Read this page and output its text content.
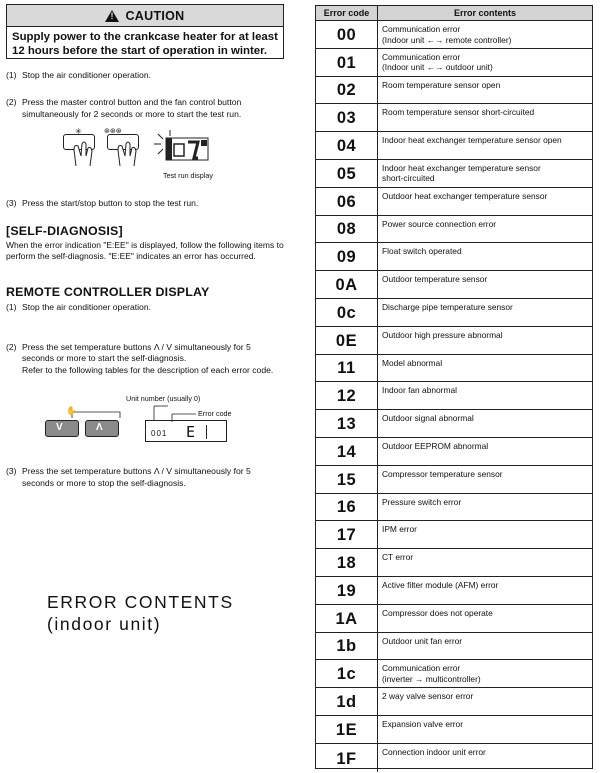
!
CAUTION
Supply power to the crankcase heater for at least 12 hours before the start of operation in winter.
(1) Stop the air conditioner operation.
(2) Press the master control button and the fan control button simultaneously for 2 seconds or more to start the test run.
✳	⊛⊛⊛
Test run display
(3) Press the start/stop button to stop the test run.
[SELF-DIAGNOSIS]
When the error indication "E:EE" is displayed, follow the following items to perform the self-diagnosis. "E:EE" indicates an error has occurred.
REMOTE CONTROLLER DISPLAY
(1) Stop the air conditioner operation.

(2) Press the set temperature buttons Λ / V simultaneously for 5 seconds or more to start the self-diagnosis.
Refer to the following tables for the description of each error code.

Unit number (usually 0)
Error code
✋
V	Λ
001 E
(3) Press the set temperature buttons Λ / V simultaneously for 5 seconds or more to stop the self-diagnosis.
ERROR CONTENTS
(indoor unit)
Error code	Error contents
00	Communication error
(Indoor unit ←→ remote controller)
01	Communication error
(Indoor unit ←→ outdoor unit)
02	Room temperature sensor open
03	Room temperature sensor short-circuited
04	Indoor heat exchanger temperature sensor open
05	Indoor heat exchanger temperature sensor
short-circuited
06	Outdoor heat exchanger temperature sensor
08	Power source connection error
09	Float switch operated
0A	Outdoor temperature sensor
0c	Discharge pipe temperature sensor
0E	Outdoor high pressure abnormal
11	Model abnormal
12	Indoor fan abnormal
13	Outdoor signal abnormal
14	Outdoor EEPROM abnormal
15	Compressor temperature sensor
16	Pressure switch error
17	IPM error
18	CT error
19	Active filter module (AFM) error
1A	Compressor does not operate
1b	Outdoor unit fan error
1c	Communication error
(inverter → multicontroller)
1d	2 way valve sensor error
1E	Expansion valve error
1F	Connection indoor unit error
